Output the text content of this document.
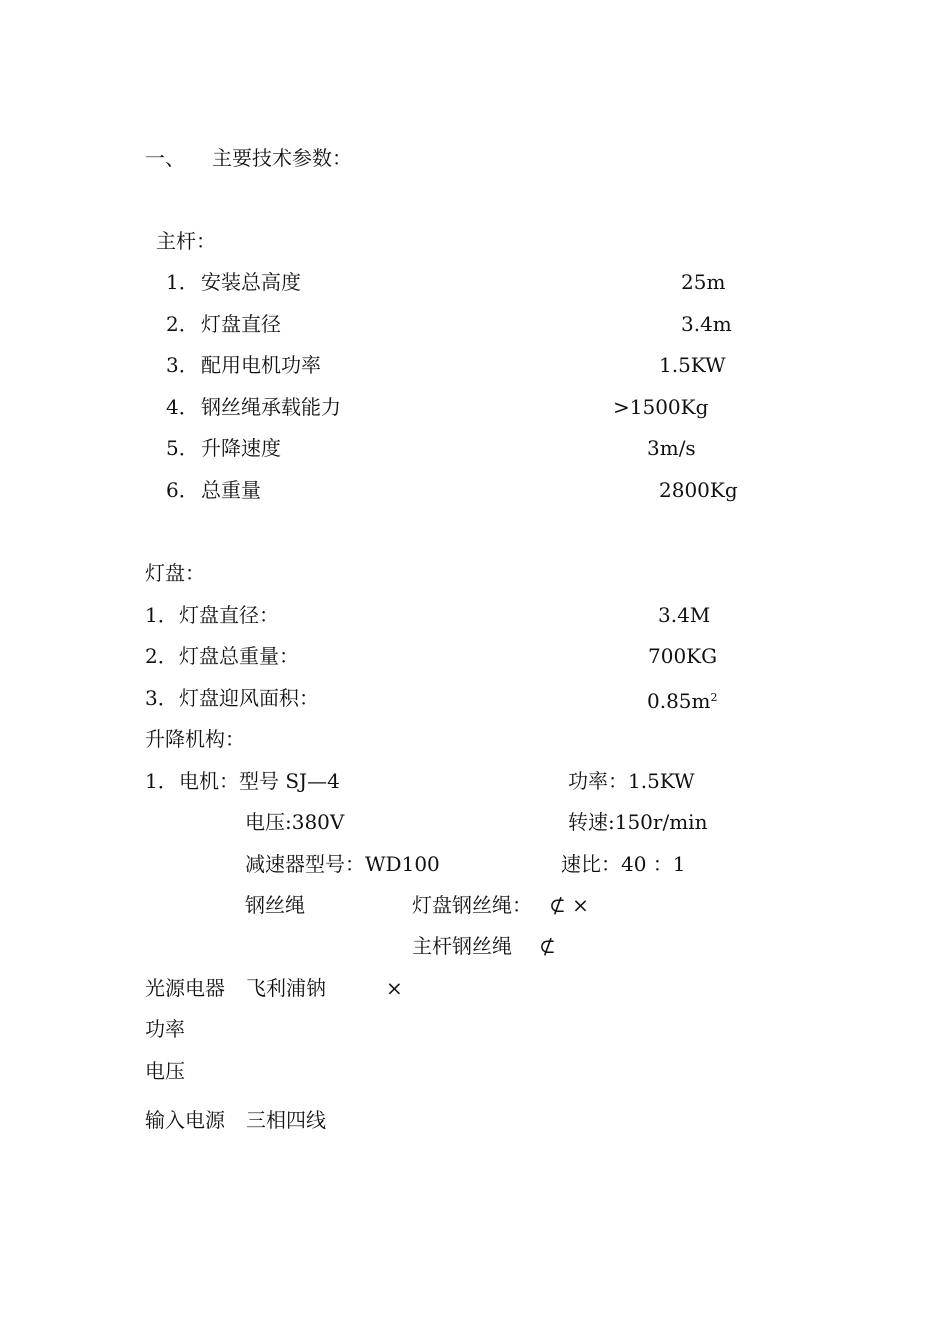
一、 主要技术参数：
主杆：
1． 安装总高度	25m
2． 灯盘直径	3.4m
3． 配用电机功率	1.5KW
4． 钢丝绳承载能力	>1500Kg
5． 升降速度	3m/s
6． 总重量	2800Kg
灯盘：
1． 灯盘直径：	3.4M
2． 灯盘总重量：	700KG
3． 灯盘迎风面积：	$0.85m^2$
升降机构：
1． 电机：型号 SJ—4	功率：1.5KW
电压:380V	转速:150r/min
减速器型号：WD100	速比：40 ：1
钢丝绳	灯盘钢丝绳： ⊄ ×
主杆钢丝绳 ⊄
光源电器 飞利浦钠	×
功率
电压
输入电源 三相四线
